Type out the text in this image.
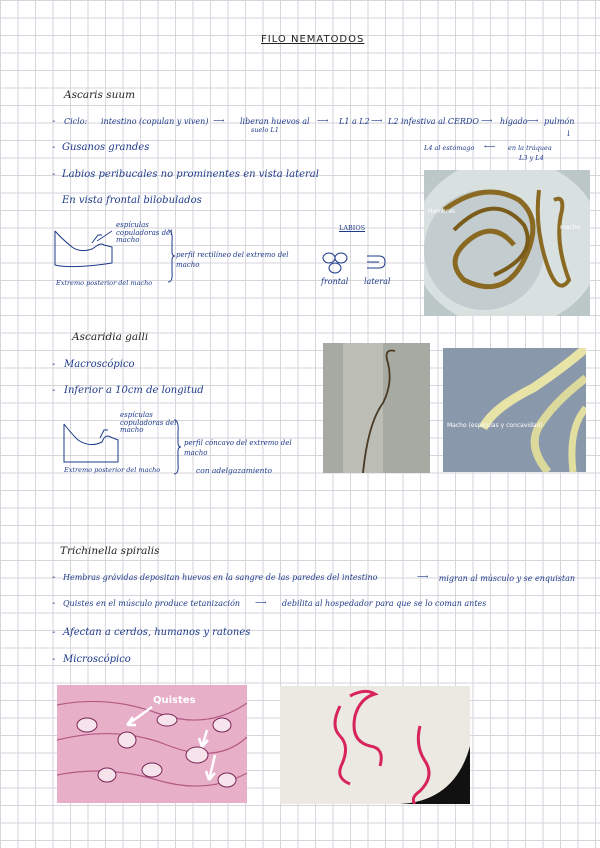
FILO NEMATODOS
Ascaris suum
- Ciclo: intestino (copulan y viven) ⟶ liberan huevos al
suelo L1
⟶ L1 a L2 ⟶ L2 infestiva al CERDO ⟶ hígado ⟶ pulmón
↓
en la tráquea
L3 y L4
⟵
L4 al estómago
- Gusanos grandes
- Labios peribucales no prominentes en vista lateral
En vista frontal bilobulados
espículas copuladoras del macho
Extremo posterior del macho
perfil rectilíneo del extremo del macho
LABIOS
frontal lateral
Hembras
macho
Ascaridia galli
- Macroscópico
- Inferior a 10cm de longitud
espículas copuladoras del macho
Extremo posterior del macho
perfil cóncavo del extremo del macho
con adelgazamiento
Macho (espículas y concavidad)
Trichinella spiralis
- Hembras grávidas depositan huevos en la sangre de las paredes del intestino	⟶	migran al músculo y se enquistan
- Quistes en el músculo produce tetanización ⟶ debilita al hospedador para que se lo coman antes
- Afectan a cerdos, humanos y ratones
- Microscópico
Quistes
